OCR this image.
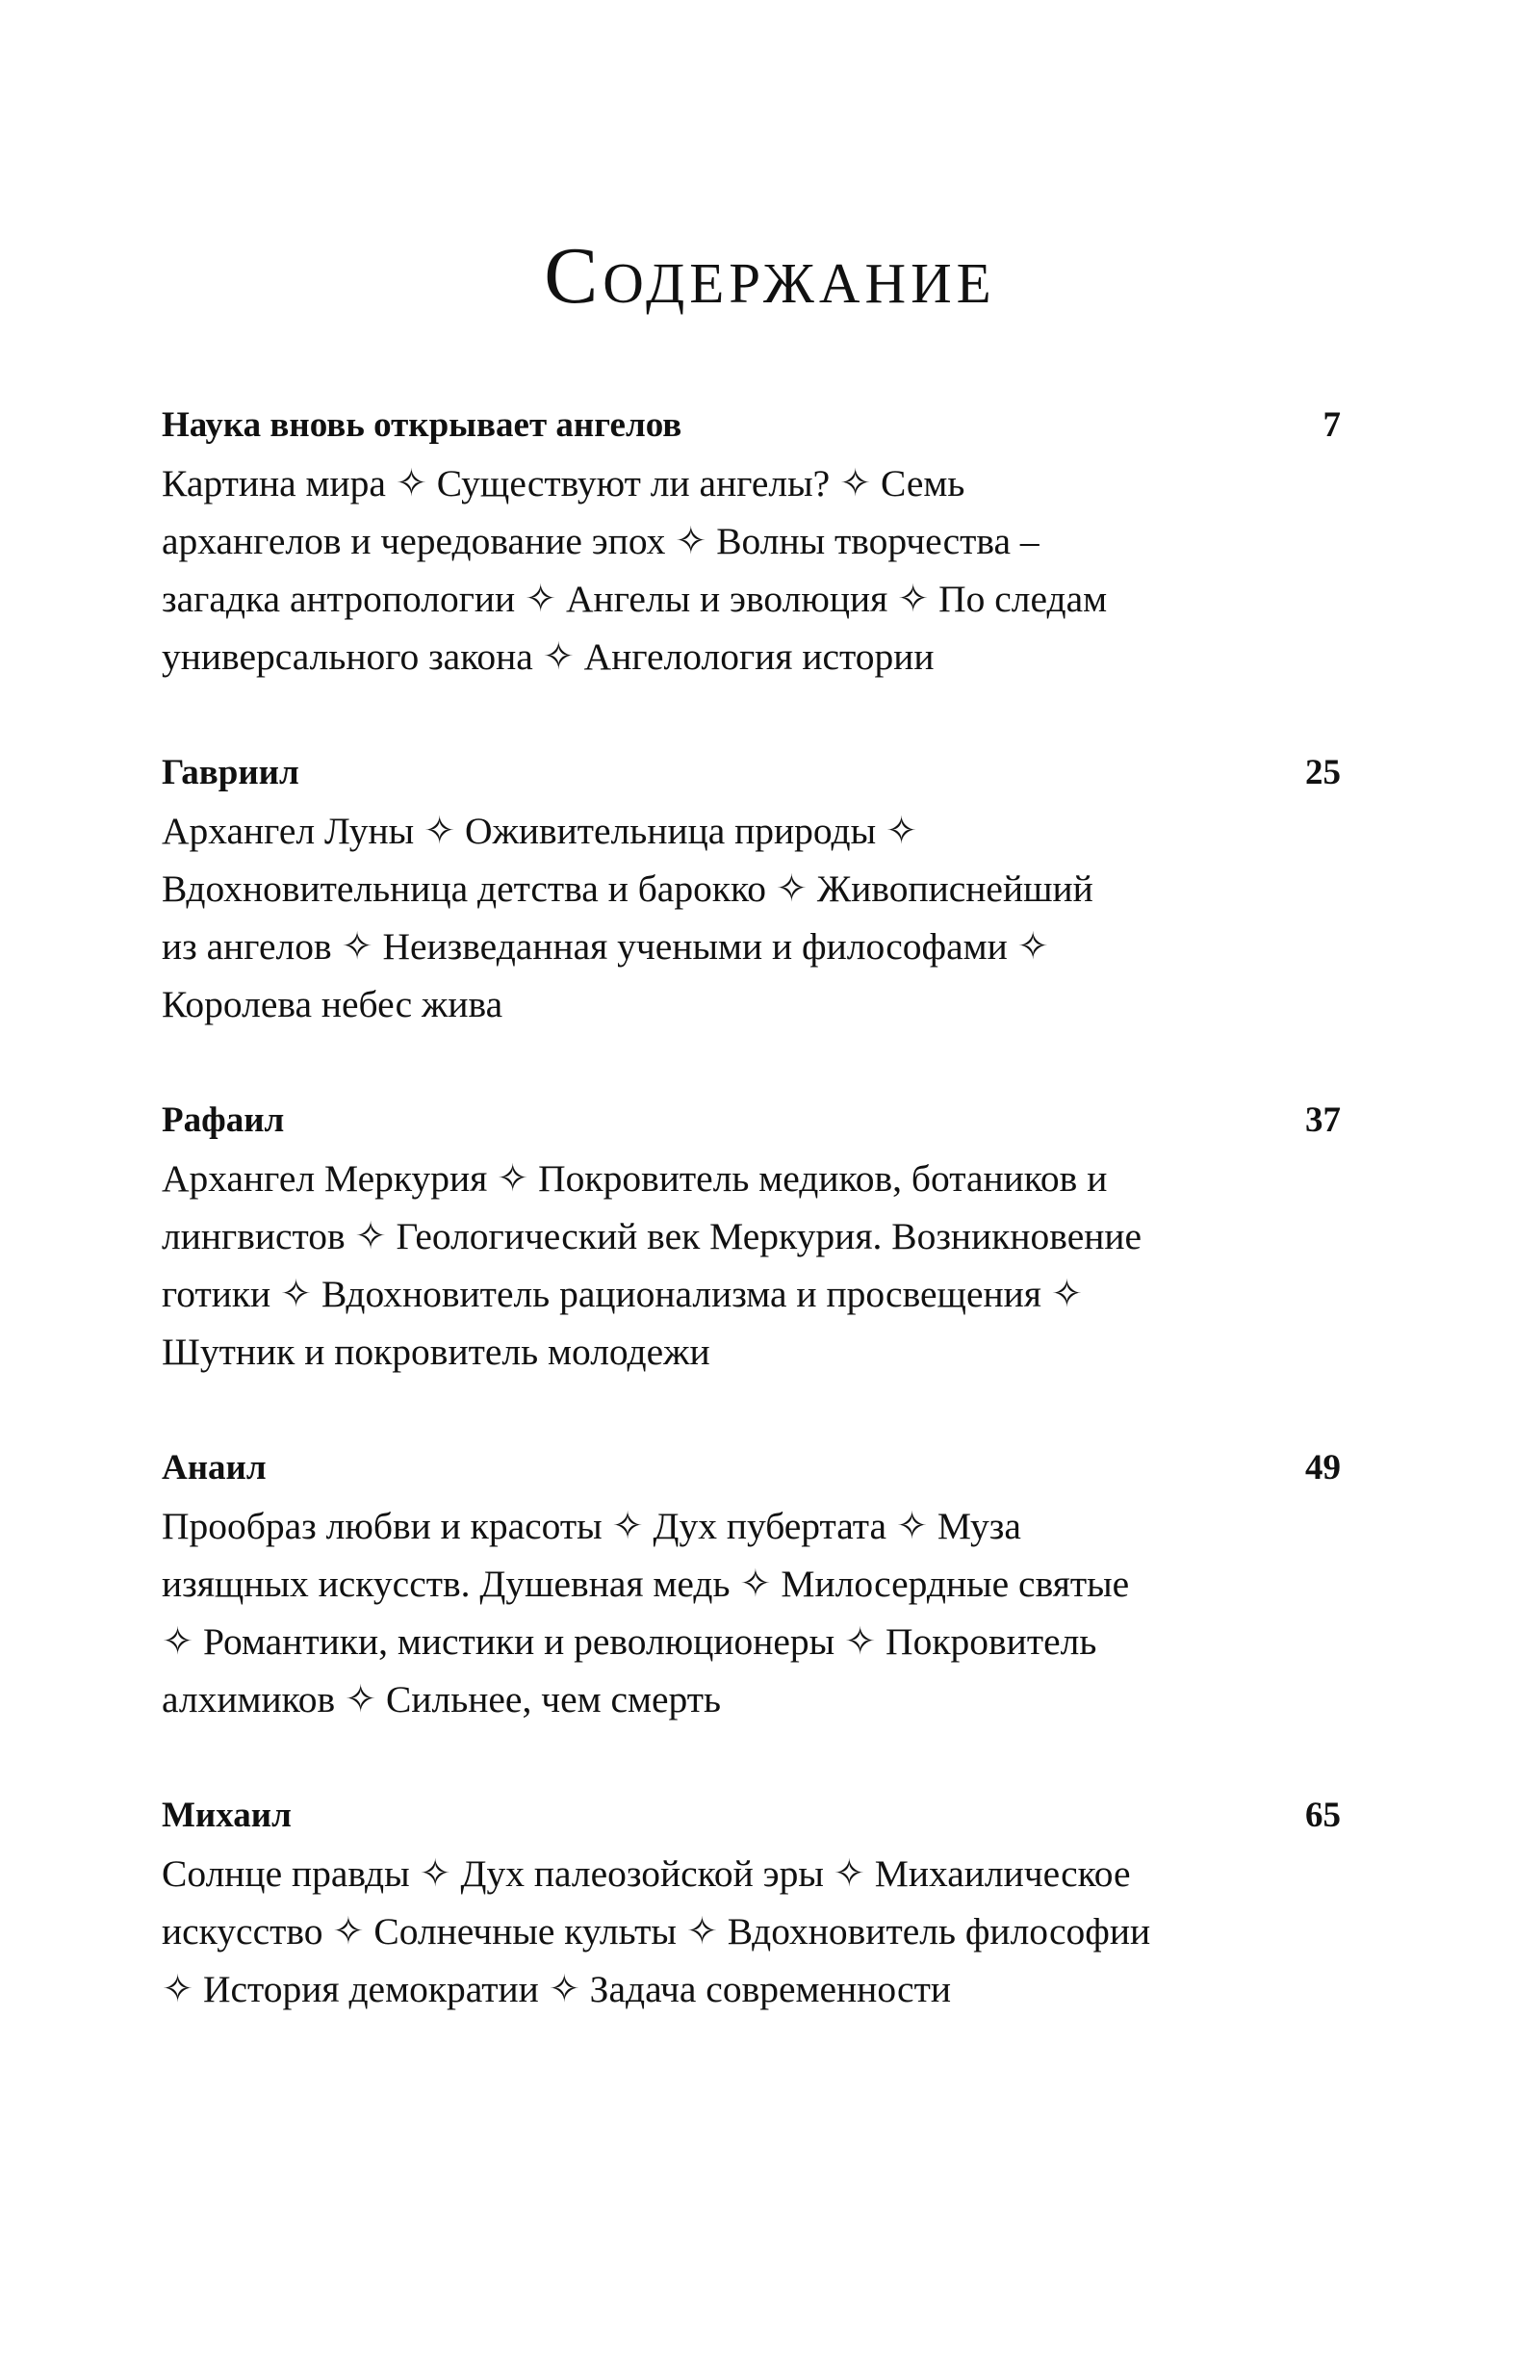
Содержание
Наука вновь открывает ангелов	7
Картина мира ✧ Существуют ли ангелы? ✧ Семь
архангелов и чередование эпох ✧ Волны творчества –
загадка антропологии ✧ Ангелы и эволюция ✧ По следам
универсального закона ✧ Ангелология истории
Гавриил	25
Архангел Луны ✧ Оживительница природы ✧
Вдохновительница детства и барокко ✧ Живописнейший
из ангелов ✧ Неизведанная учеными и философами ✧
Королева небес жива
Рафаил	37
Архангел Меркурия ✧ Покровитель медиков, ботаников и
лингвистов ✧ Геологический век Меркурия. Возникновение
готики ✧ Вдохновитель рационализма и просвещения ✧
Шутник и покровитель молодежи
Анаил	49
Прообраз любви и красоты ✧ Дух пубертата ✧ Муза
изящных искусств. Душевная медь ✧ Милосердные святые
✧ Романтики, мистики и революционеры ✧ Покровитель
алхимиков ✧ Сильнее, чем смерть
Михаил	65
Солнце правды ✧ Дух палеозойской эры ✧ Михаилическое
искусство ✧ Солнечные культы ✧ Вдохновитель философии
✧ История демократии ✧ Задача современности
